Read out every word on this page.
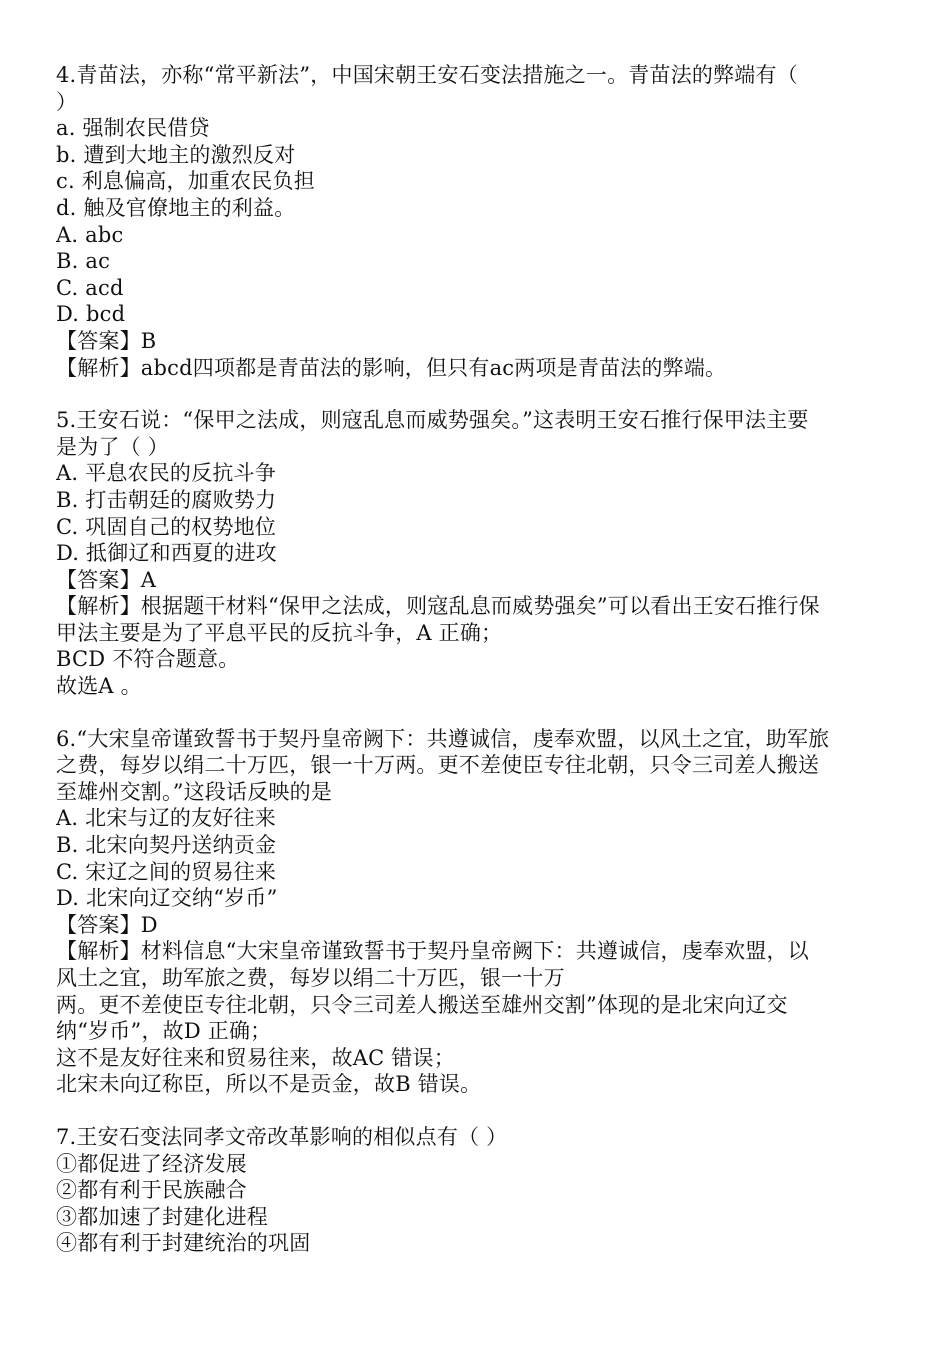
4.青苗法，亦称“常平新法”，中国宋朝王安石变法措施之一。青苗法的弊端有（
）
a. 强制农民借贷
b. 遭到大地主的激烈反对
c. 利息偏高，加重农民负担
d. 触及官僚地主的利益。
A. abc
B. ac
C. acd
D. bcd
【答案】B
【解析】abcd四项都是青苗法的影响，但只有ac两项是青苗法的弊端。
5.王安石说：“保甲之法成，则寇乱息而威势强矣。”这表明王安石推行保甲法主要
是为了（ ）
A. 平息农民的反抗斗争
B. 打击朝廷的腐败势力
C. 巩固自己的权势地位
D. 抵御辽和西夏的进攻
【答案】A
【解析】根据题干材料“保甲之法成，则寇乱息而威势强矣”可以看出王安石推行保
甲法主要是为了平息平民的反抗斗争，A 正确；
BCD 不符合题意。
故选A 。
6.“大宋皇帝谨致誓书于契丹皇帝阙下：共遵诚信，虔奉欢盟，以风土之宜，助军旅
之费，每岁以绢二十万匹，银一十万两。更不差使臣专往北朝，只令三司差人搬送
至雄州交割。”这段话反映的是
A. 北宋与辽的友好往来
B. 北宋向契丹送纳贡金
C. 宋辽之间的贸易往来
D. 北宋向辽交纳“岁币”
【答案】D
【解析】材料信息“大宋皇帝谨致誓书于契丹皇帝阙下：共遵诚信，虔奉欢盟，以
风土之宜，助军旅之费，每岁以绢二十万匹，银一十万
两。更不差使臣专往北朝，只令三司差人搬送至雄州交割”体现的是北宋向辽交
纳“岁币”，故D 正确；
这不是友好往来和贸易往来，故AC 错误；
北宋未向辽称臣，所以不是贡金，故B 错误。
7.王安石变法同孝文帝改革影响的相似点有（ ）
①都促进了经济发展
②都有利于民族融合
③都加速了封建化进程
④都有利于封建统治的巩固
